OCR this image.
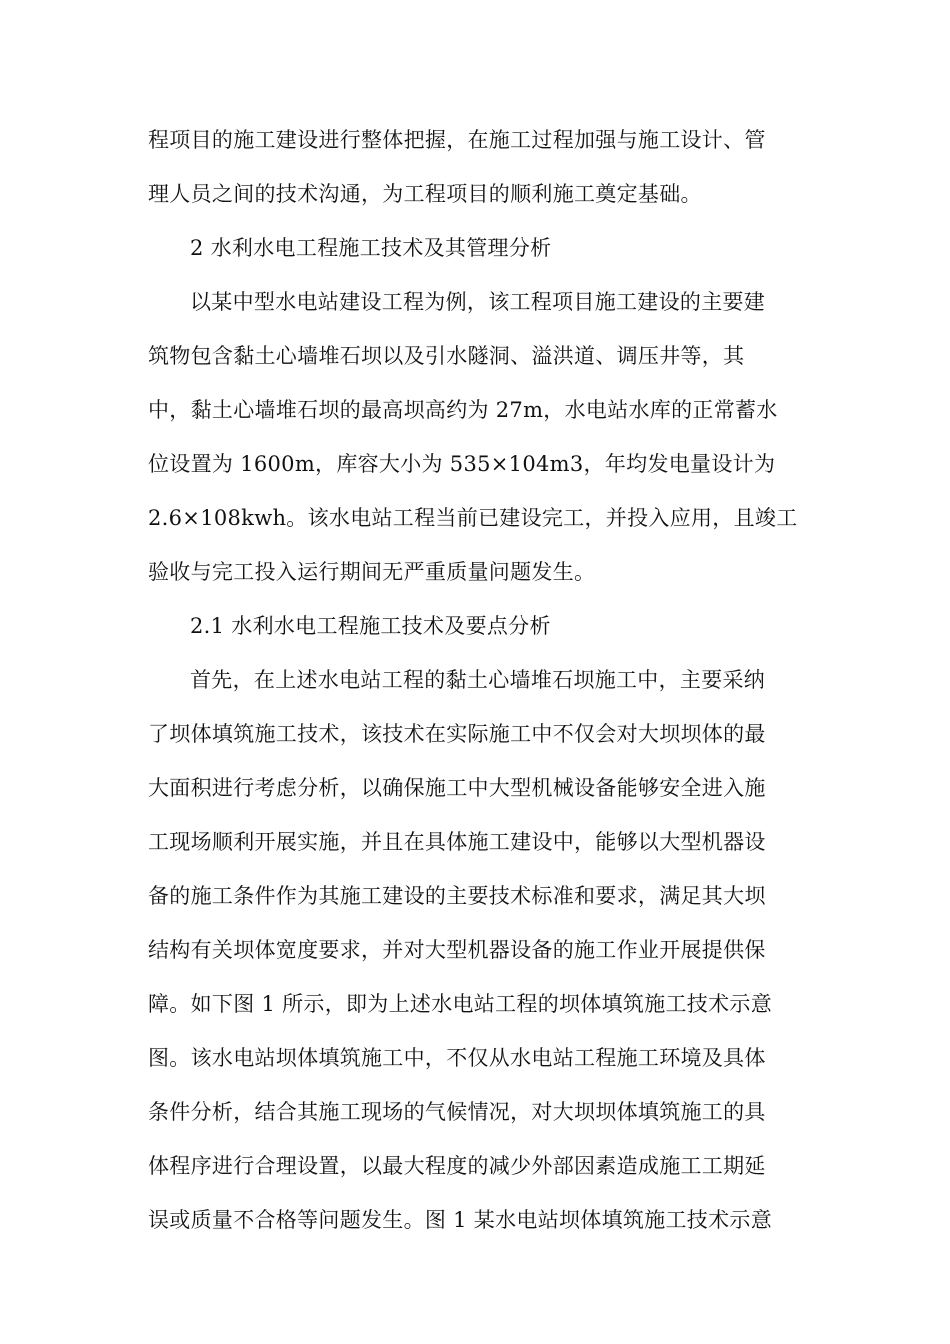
程项目的施工建设进行整体把握，在施工过程加强与施工设计、管
理人员之间的技术沟通，为工程项目的顺利施工奠定基础。
2 水利水电工程施工技术及其管理分析
以某中型水电站建设工程为例，该工程项目施工建设的主要建
筑物包含黏土心墙堆石坝以及引水隧洞、溢洪道、调压井等，其
中，黏土心墙堆石坝的最高坝高约为 27m，水电站水库的正常蓄水
位设置为 1600m，库容大小为 535×104m3，年均发电量设计为
2.6×108kwh。该水电站工程当前已建设完工，并投入应用，且竣工
验收与完工投入运行期间无严重质量问题发生。
2.1 水利水电工程施工技术及要点分析
首先，在上述水电站工程的黏土心墙堆石坝施工中，主要采纳
了坝体填筑施工技术，该技术在实际施工中不仅会对大坝坝体的最
大面积进行考虑分析，以确保施工中大型机械设备能够安全进入施
工现场顺利开展实施，并且在具体施工建设中，能够以大型机器设
备的施工条件作为其施工建设的主要技术标准和要求，满足其大坝
结构有关坝体宽度要求，并对大型机器设备的施工作业开展提供保
障。如下图 1 所示，即为上述水电站工程的坝体填筑施工技术示意
图。该水电站坝体填筑施工中，不仅从水电站工程施工环境及具体
条件分析，结合其施工现场的气候情况，对大坝坝体填筑施工的具
体程序进行合理设置，以最大程度的减少外部因素造成施工工期延
误或质量不合格等问题发生。图 1 某水电站坝体填筑施工技术示意
